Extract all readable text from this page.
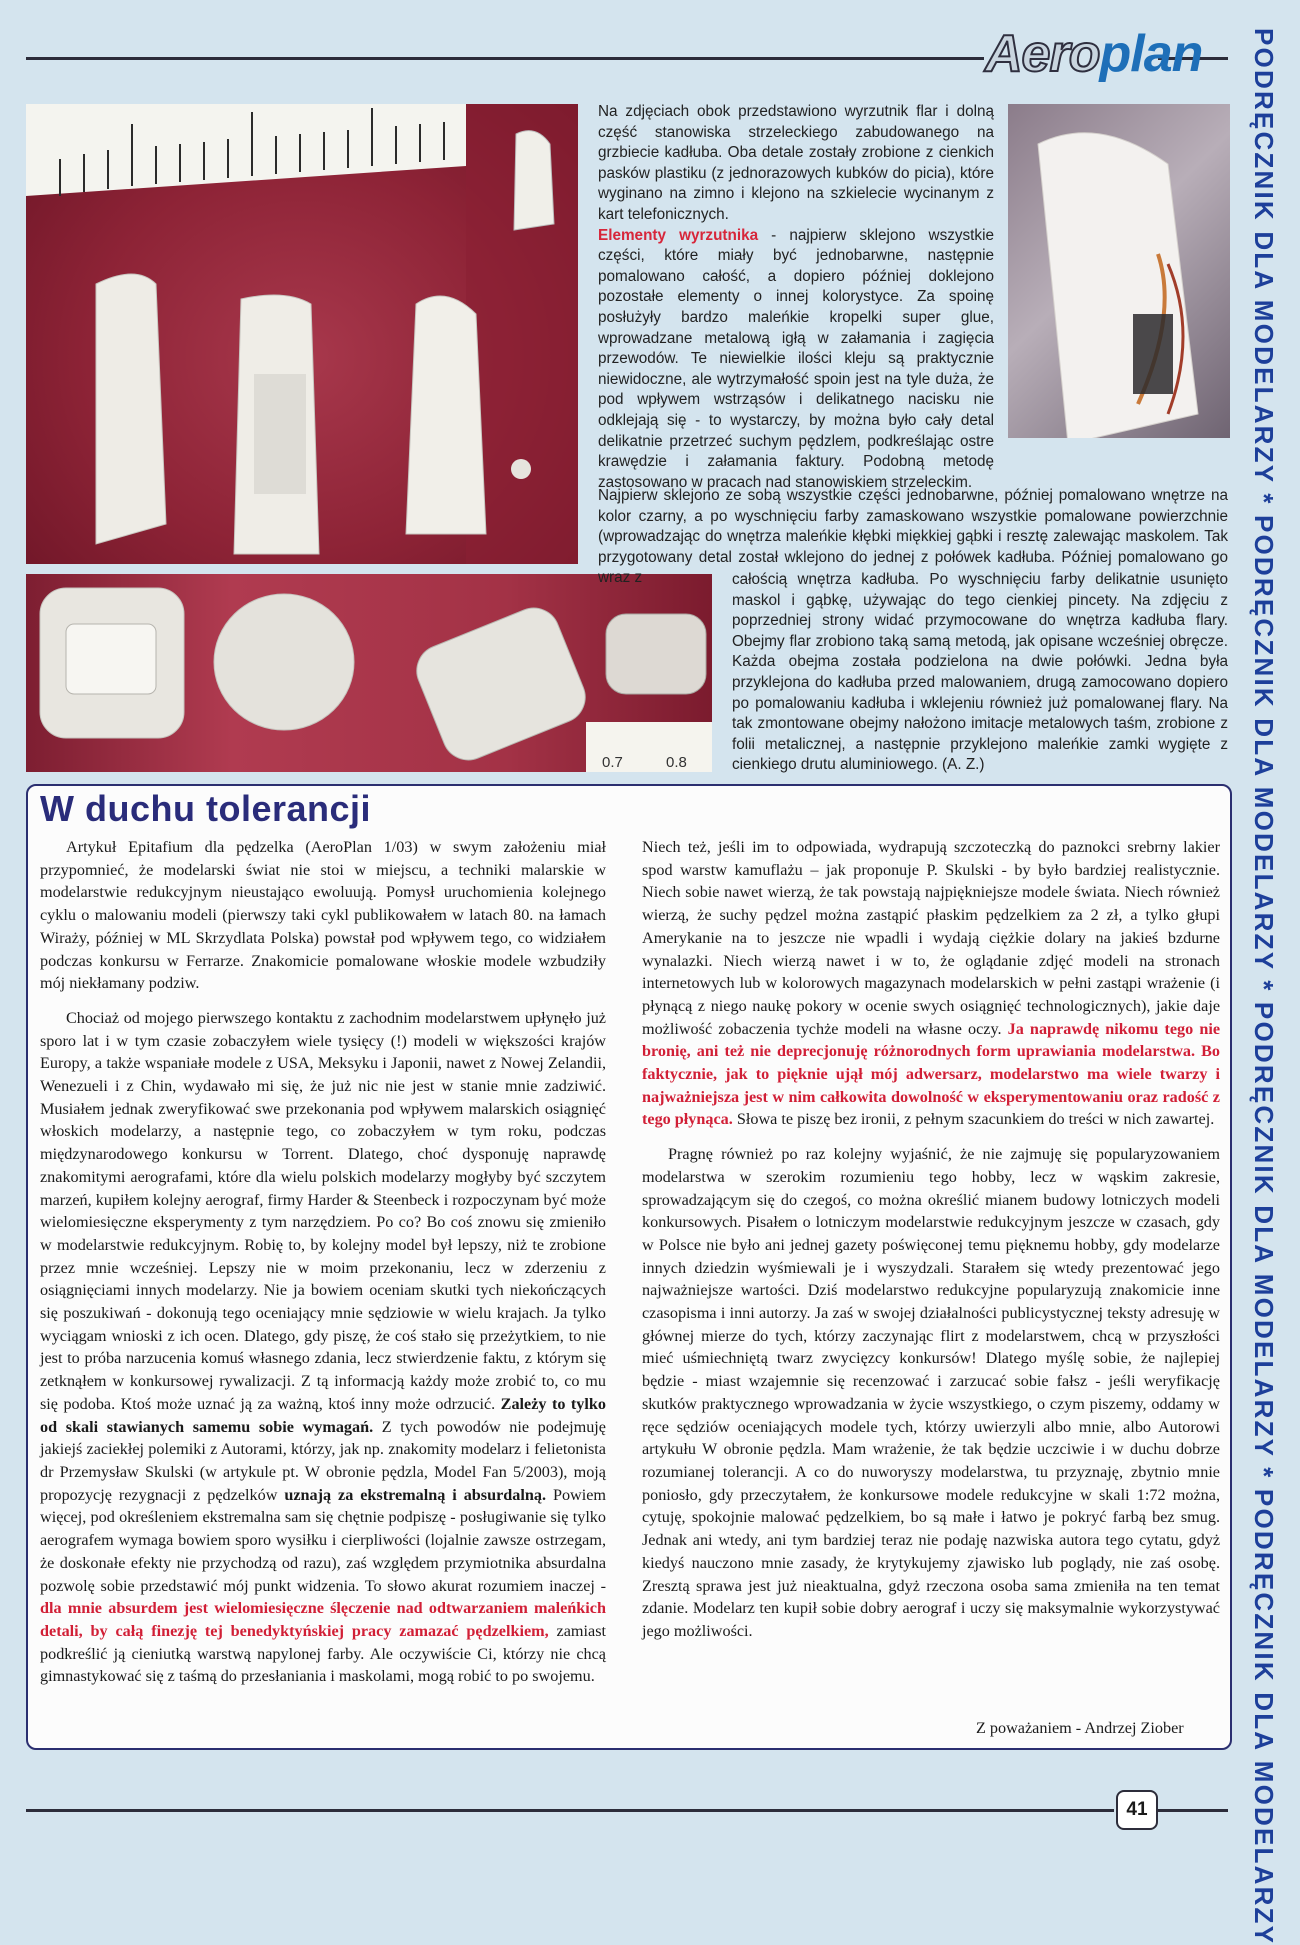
Aeroplan PODRĘCZNIK DLA MODELARZY * PODRĘCZNIK DLA MODELARZY * PODRĘCZNIK DLA MODELARZY * PODRĘCZNIK DLA MODELARZY
0.7	0.8

Na zdjęciach obok przedstawiono wyrzutnik flar i dolną część stanowiska strzeleckiego zabudowanego na grzbiecie kadłuba. Oba detale zostały zrobione z cienkich pasków plastiku (z jednorazowych kubków do picia), które wyginano na zimno i klejono na szkielecie wycinanym z kart telefonicznych.

Elementy wyrzutnika - najpierw sklejono wszystkie części, które miały być jednobarwne, następnie pomalowano całość, a dopiero później doklejono pozostałe elementy o innej kolorystyce. Za spoinę posłużyły bardzo maleńkie kropelki super glue, wprowadzane metalową igłą w załamania i zagięcia przewodów. Te niewielkie ilości kleju są praktycznie niewidoczne, ale wytrzymałość spoin jest na tyle duża, że pod wpływem wstrząsów i delikatnego nacisku nie odklejają się - to wystarczy, by można było cały detal delikatnie przetrzeć suchym pędzlem, podkreślając ostre krawędzie i załamania faktury. Podobną metodę zastosowano w pracach nad stanowiskiem strzeleckim.

Najpierw sklejono ze sobą wszystkie części jednobarwne, później pomalowano wnętrze na kolor czarny, a po wyschnięciu farby zamaskowano wszystkie pomalowane powierzchnie (wprowadzając do wnętrza maleńkie kłębki miękkiej gąbki i resztę zalewając maskolem. Tak przygotowany detal został wklejono do jednej z połówek kadłuba. Później pomalowano go wraz z	całością wnętrza kadłuba. Po wyschnięciu farby delikatnie usunięto maskol i gąbkę, używając do tego cienkiej pincety. Na zdjęciu z poprzedniej strony widać przymocowane do wnętrza kadłuba flary. Obejmy flar zrobiono taką samą metodą, jak opisane wcześniej obręcze. Każda obejma została podzielona na dwie połówki. Jedna była przyklejona do kadłuba przed malowaniem, drugą zamocowano dopiero po pomalowaniu kadłuba i wklejeniu również już pomalowanej flary. Na tak zmontowane obejmy nałożono imitacje metalowych taśm, zrobione z folii metalicznej, a następnie przyklejono maleńkie zamki wygięte z cienkiego drutu aluminiowego. (A. Z.)

W duchu tolerancji

Artykuł Epitafium dla pędzelka (AeroPlan 1/03) w swym założeniu miał przypomnieć, że modelarski świat nie stoi w miejscu, a techniki malarskie w modelarstwie redukcyjnym nieustająco ewoluują. Pomysł uruchomienia kolejnego cyklu o malowaniu modeli (pierwszy taki cykl publikowałem w latach 80. na łamach Wiraży, później w ML Skrzydlata Polska) powstał pod wpływem tego, co widziałem podczas konkursu w Ferrarze. Znakomicie pomalowane włoskie modele wzbudziły mój niekłamany podziw.

Chociaż od mojego pierwszego kontaktu z zachodnim modelarstwem upłynęło już sporo lat i w tym czasie zobaczyłem wiele tysięcy (!) modeli w większości krajów Europy, a także wspaniałe modele z USA, Meksyku i Japonii, nawet z Nowej Zelandii, Wenezueli i z Chin, wydawało mi się, że już nic nie jest w stanie mnie zadziwić. Musiałem jednak zweryfikować swe przekonania pod wpływem malarskich osiągnięć włoskich modelarzy, a następnie tego, co zobaczyłem w tym roku, podczas międzynarodowego konkursu w Torrent. Dlatego, choć dysponuję naprawdę znakomitymi aerografami, które dla wielu polskich modelarzy mogłyby być szczytem marzeń, kupiłem kolejny aerograf, firmy Harder & Steenbeck i rozpoczynam być może wielomiesięczne eksperymenty z tym narzędziem. Po co? Bo coś znowu się zmieniło w modelarstwie redukcyjnym. Robię to, by kolejny model był lepszy, niż te zrobione przez mnie wcześniej. Lepszy nie w moim przekonaniu, lecz w zderzeniu z osiągnięciami innych modelarzy. Nie ja bowiem oceniam skutki tych niekończących się poszukiwań - dokonują tego oceniający mnie sędziowie w wielu krajach. Ja tylko wyciągam wnioski z ich ocen. Dlatego, gdy piszę, że coś stało się przeżytkiem, to nie jest to próba narzucenia komuś własnego zdania, lecz stwierdzenie faktu, z którym się zetknąłem w konkursowej rywalizacji. Z tą informacją każdy może zrobić to, co mu się podoba. Ktoś może uznać ją za ważną, ktoś inny może odrzucić. Zależy to tylko od skali stawianych samemu sobie wymagań. Z tych powodów nie podejmuję jakiejś zaciekłej polemiki z Autorami, którzy, jak np. znakomity modelarz i felietonista dr Przemysław Skulski (w artykule pt. W obronie pędzla, Model Fan 5/2003), moją propozycję rezygnacji z pędzelków uznają za ekstremalną i absurdalną. Powiem więcej, pod określeniem ekstremalna sam się chętnie podpiszę - posługiwanie się tylko aerografem wymaga bowiem sporo wysiłku i cierpliwości (lojalnie zawsze ostrzegam, że doskonałe efekty nie przychodzą od razu), zaś względem przymiotnika absurdalna pozwolę sobie przedstawić mój punkt widzenia. To słowo akurat rozumiem inaczej - dla mnie absurdem jest wielomiesięczne ślęczenie nad odtwarzaniem maleńkich detali, by całą finezję tej benedyktyńskiej pracy zamazać pędzelkiem, zamiast podkreślić ją cieniutką warstwą napylonej farby. Ale oczywiście Ci, którzy nie chcą gimnastykować się z taśmą do przesłaniania i maskolami, mogą robić to po swojemu.

Niech też, jeśli im to odpowiada, wydrapują szczoteczką do paznokci srebrny lakier spod warstw kamuflażu – jak proponuje P. Skulski - by było bardziej realistycznie. Niech sobie nawet wierzą, że tak powstają najpiękniejsze modele świata. Niech również wierzą, że suchy pędzel można zastąpić płaskim pędzelkiem za 2 zł, a tylko głupi Amerykanie na to jeszcze nie wpadli i wydają ciężkie dolary na jakieś bzdurne wynalazki. Niech wierzą nawet i w to, że oglądanie zdjęć modeli na stronach internetowych lub w kolorowych magazynach modelarskich w pełni zastąpi wrażenie (i płynącą z niego naukę pokory w ocenie swych osiągnięć technologicznych), jakie daje możliwość zobaczenia tychże modeli na własne oczy. Ja naprawdę nikomu tego nie bronię, ani też nie deprecjonuję różnorodnych form uprawiania modelarstwa. Bo faktycznie, jak to pięknie ujął mój adwersarz, modelarstwo ma wiele twarzy i najważniejsza jest w nim całkowita dowolność w eksperymentowaniu oraz radość z tego płynąca. Słowa te piszę bez ironii, z pełnym szacunkiem do treści w nich zawartej.

Pragnę również po raz kolejny wyjaśnić, że nie zajmuję się popularyzowaniem modelarstwa w szerokim rozumieniu tego hobby, lecz w wąskim zakresie, sprowadzającym się do czegoś, co można określić mianem budowy lotniczych modeli konkursowych. Pisałem o lotniczym modelarstwie redukcyjnym jeszcze w czasach, gdy w Polsce nie było ani jednej gazety poświęconej temu pięknemu hobby, gdy modelarze innych dziedzin wyśmiewali je i wyszydzali. Starałem się wtedy prezentować jego najważniejsze wartości. Dziś modelarstwo redukcyjne popularyzują znakomicie inne czasopisma i inni autorzy. Ja zaś w swojej działalności publicystycznej teksty adresuję w głównej mierze do tych, którzy zaczynając flirt z modelarstwem, chcą w przyszłości mieć uśmiechniętą twarz zwycięzcy konkursów! Dlatego myślę sobie, że najlepiej będzie - miast wzajemnie się recenzować i zarzucać sobie fałsz - jeśli weryfikację skutków praktycznego wprowadzania w życie wszystkiego, o czym piszemy, oddamy w ręce sędziów oceniających modele tych, którzy uwierzyli albo mnie, albo Autorowi artykułu W obronie pędzla. Mam wrażenie, że tak będzie uczciwie i w duchu dobrze rozumianej tolerancji. A co do nuworyszy modelarstwa, tu przyznaję, zbytnio mnie poniosło, gdy przeczytałem, że konkursowe modele redukcyjne w skali 1:72 można, cytuję, spokojnie malować pędzelkiem, bo są małe i łatwo je pokryć farbą bez smug. Jednak ani wtedy, ani tym bardziej teraz nie podaję nazwiska autora tego cytatu, gdyż kiedyś nauczono mnie zasady, że krytykujemy zjawisko lub poglądy, nie zaś osobę. Zresztą sprawa jest już nieaktualna, gdyż rzeczona osoba sama zmieniła na ten temat zdanie. Modelarz ten kupił sobie dobry aerograf i uczy się maksymalnie wykorzystywać jego możliwości.

Z poważaniem - Andrzej Ziober
41
